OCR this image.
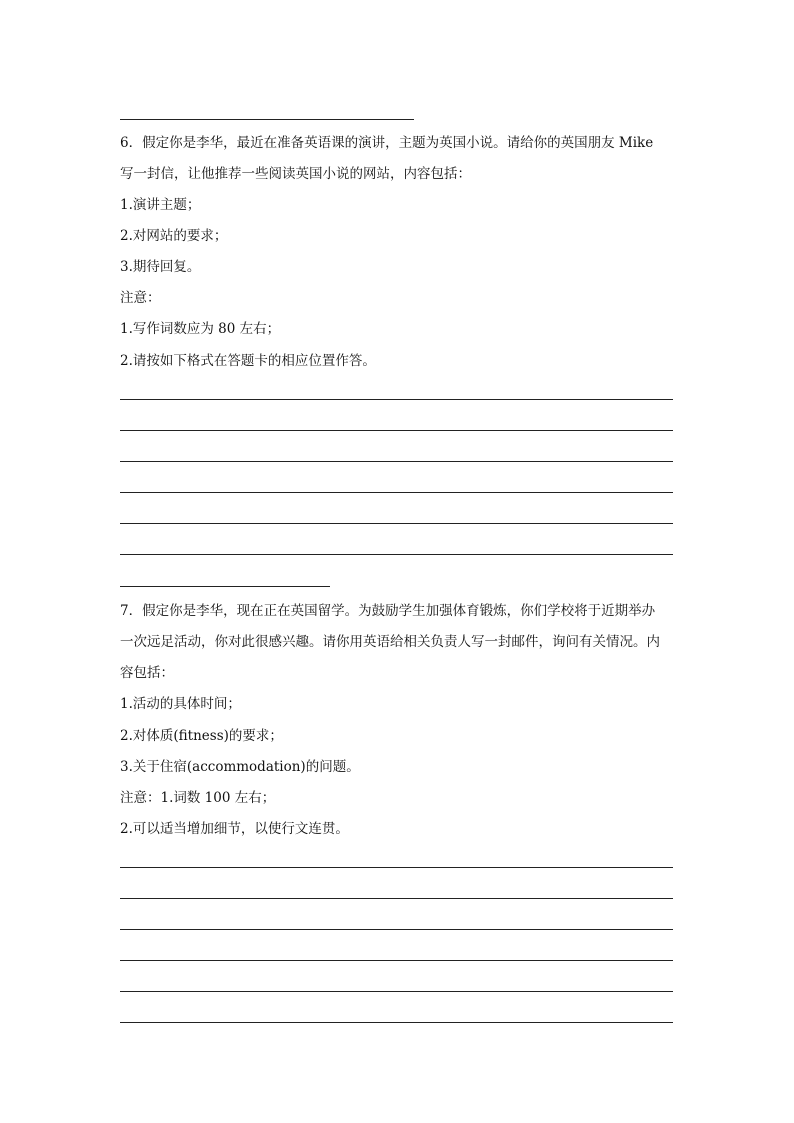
6．假定你是李华，最近在准备英语课的演讲，主题为英国小说。请给你的英国朋友 Mike
写一封信，让他推荐一些阅读英国小说的网站，内容包括：
1.演讲主题；
2.对网站的要求；
3.期待回复。
注意：
1.写作词数应为 80 左右；
2.请按如下格式在答题卡的相应位置作答。
7．假定你是李华，现在正在英国留学。为鼓励学生加强体育锻炼，你们学校将于近期举办
一次远足活动，你对此很感兴趣。请你用英语给相关负责人写一封邮件，询问有关情况。内
容包括：
1.活动的具体时间；
2.对体质(fitness)的要求；
3.关于住宿(accommodation)的问题。
注意：1.词数 100 左右；
2.可以适当增加细节，以使行文连贯。
